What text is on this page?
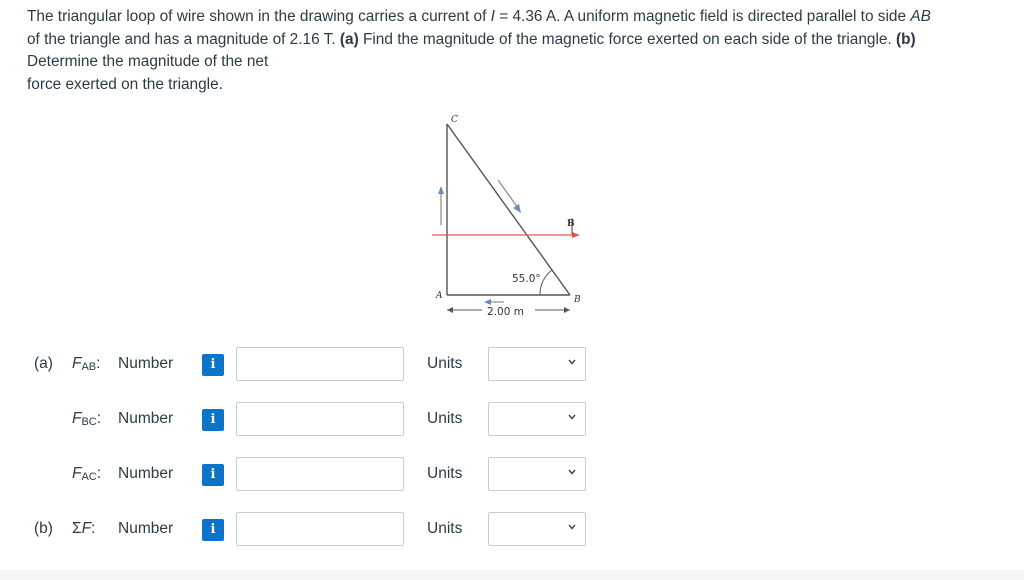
The triangular loop of wire shown in the drawing carries a current of I = 4.36 A. A uniform magnetic field is directed parallel to side AB
of the triangle and has a magnitude of 2.16 T. (a) Find the magnitude of the magnetic force exerted on each side of the triangle. (b)
Determine the magnitude of the net
force exerted on the triangle.
B
C
A	B
55.0°
2.00 m
(a) $F_{AB}$: Number	i	Units
$F_{BC}$: Number	i	Units
$F_{AC}$: Number	i	Units
(b) ΣF: Number	i	Units
